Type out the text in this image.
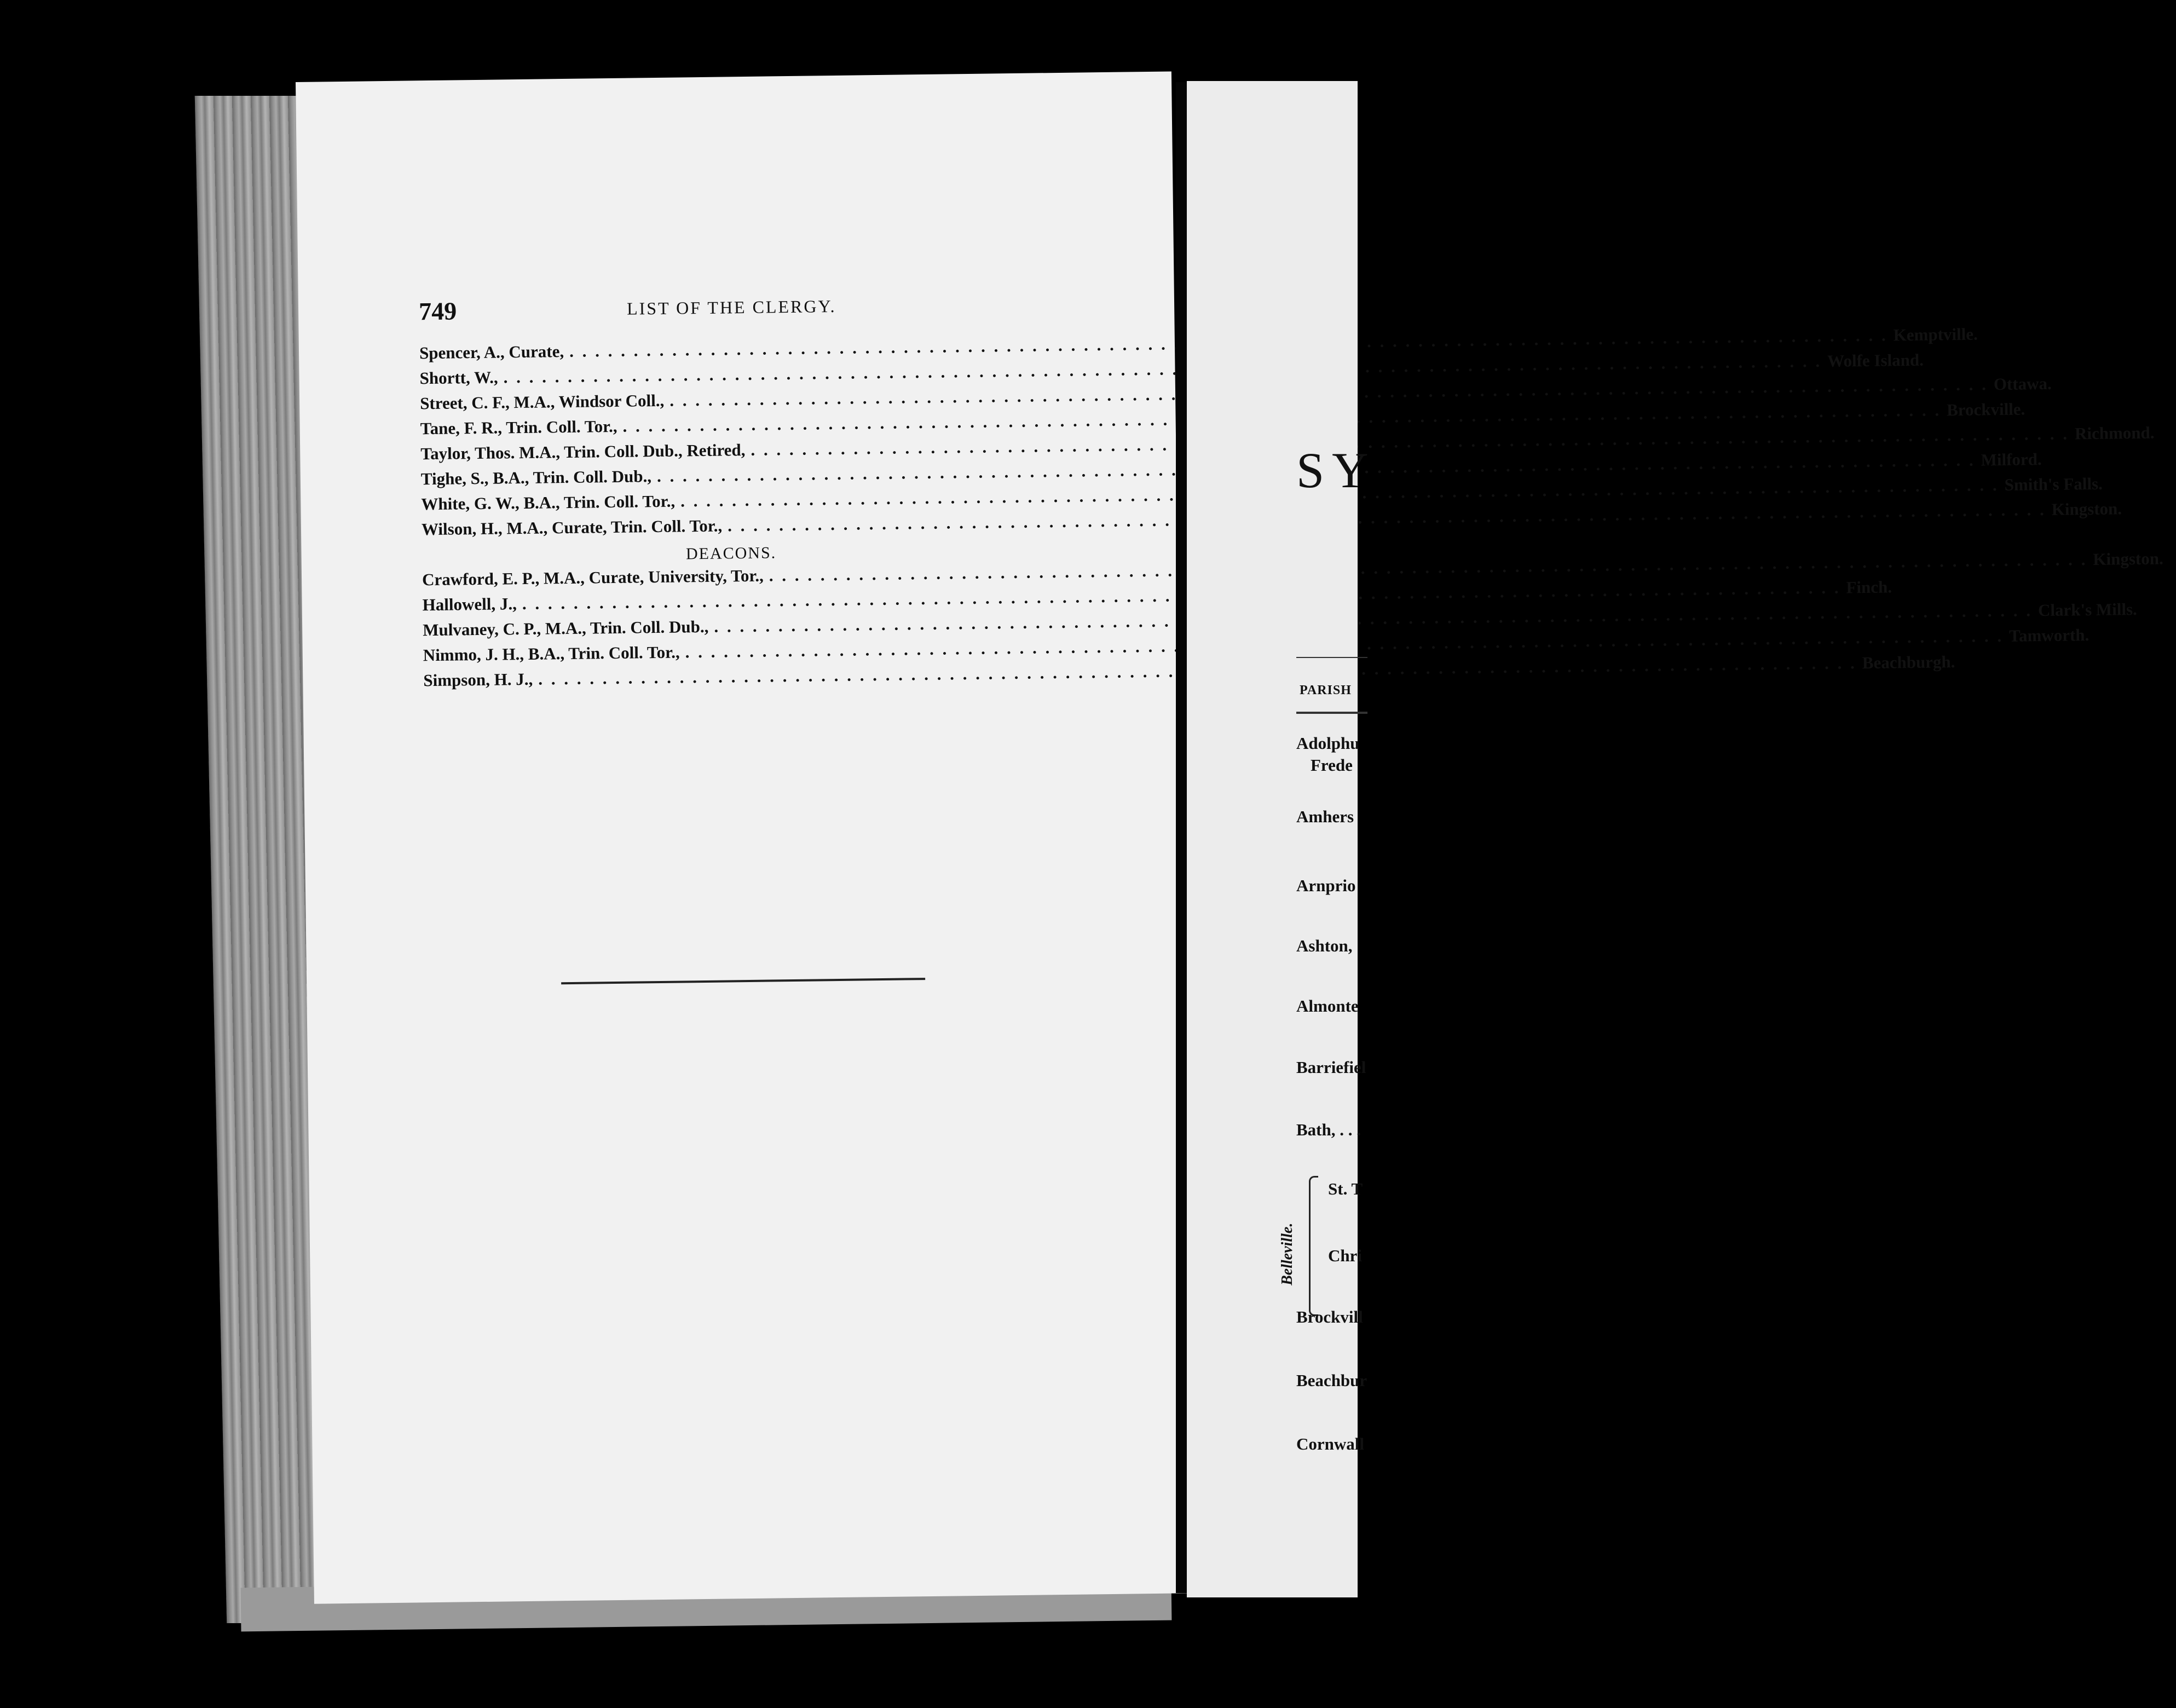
749	LIST OF THE CLERGY.
Spencer, A., Curate,
. . .
Kemptville.
Shortt, W.,
. . .
Wolfe Island.
Street, C. F., M.A., Windsor Coll.,
. . .
Ottawa.
Tane, F. R., Trin. Coll. Tor.,
. . .
Brockville.
Taylor, Thos. M.A., Trin. Coll. Dub., Retired,
. . .
Richmond.
Tighe, S., B.A., Trin. Coll. Dub.,
. . .
Milford.
White, G. W., B.A., Trin. Coll. Tor.,
. . .
Smith's Falls.
Wilson, H., M.A., Curate, Trin. Coll. Tor.,
. . .
Kingston.
DEACONS.
Crawford, E. P., M.A., Curate, University, Tor.,
. . .
Kingston.
Hallowell, J.,
. . .
Finch.
Mulvaney, C. P., M.A., Trin. Coll. Dub.,
. . .
Clark's Mills.
Nimmo, J. H., B.A., Trin. Coll. Tor.,
. . .
Tamworth.
Simpson, H. J.,
. . .
Beachburgh.
SY
PARISH
Adolphu
Frede
Amhers
Arnprio
Ashton,
Almonte
Barriefiel
Bath, . . .
Belleville.
St. T
Chri
Brockvill
Beachbur
Cornwall
